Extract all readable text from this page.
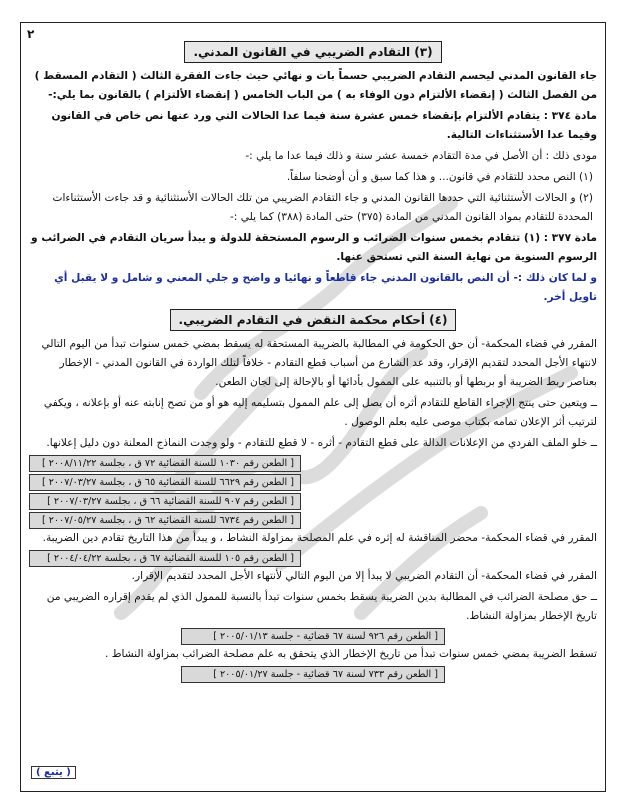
٢
(٣) التقادم الضريبي في القانون المدني.

جاء القانون المدني ليحسم التقادم الضريبي حسماً بات و نهائي حيث جاءت الفقرة الثالث ( التقادم المسقط ) من الفصل الثالث ( إنقضاء الألتزام دون الوفاء به ) من الباب الخامس ( إنقضاء الألتزام ) بالقانون بما يلي:-

مادة ٣٧٤ : يتقادم الألتزام بإنقضاء خمس عشرة سنة فيما عدا الحالات التي ورد عنها نص خاص في القانون وفيما عدا الأستثناءات التالية.

مودى ذلك : أن الأصل في مدة التقادم خمسة عشر سنة و ذلك فيما عدا ما يلي :-

(١) النص محدد للتقادم في قانون... و هذا كما سبق و أن أوضحنا سلفاً.

(٢) و الحالات الأستثنائية التي حددها القانون المدني و جاء التقادم الضريبي من تلك الحالات الأستثنائية و قد جاءت الأستثناءات المحددة للتقادم بمواد القانون المدني من المادة (٣٧٥) حتى المادة (٣٨٨) كما يلي :-

مادة ٣٧٧ : (١) تتقادم بخمس سنوات الضرائب و الرسوم المستحقة للدولة و يبدأ سريان التقادم في الضرائب و الرسوم السنوية من نهاية السنة التي تستحق عنها.

و لما كان ذلك :- أن النص بالقانون المدني جاء قاطعاً و نهائيا و واضح و جلي المعني و شامل و لا يقبل أي تاويل أخر.

(٤) أحكام محكمة النقض في التقادم الضريبي.

المقرر في قضاء المحكمة- أن حق الحكومة في المطالبة بالضريبة المستحقة له يسقط بمضي خمس سنوات تبدأ من اليوم التالي لانتهاء الأجل المحدد لتقديم الإقرار، وقد عد الشارع من أسباب قطع التقادم - خلافاً لتلك الواردة في القانون المدني - الإخطار بعناصر ربط الضريبة أو بربطها أو بالتنبيه على الممول بأدائها أو بالإحالة إلى لجان الطعن.

ــ ويتعين حتى ينتج الإجراء القاطع للتقادم أثره أن يصل إلى علم الممول بتسليمه إليه هو أو من تصح إنابته عنه أو بإعلانه ، ويكفي لترتيب أثر الإعلان تمامه بكتاب موصى عليه بعلم الوصول .

ــ خلو الملف الفردي من الإعلانات الدالة على قطع التقادم - أثره - لا قطع للتقادم - ولو وجدت النماذج المعلنة دون دليل إعلانها.

[ الطعن رقم ١٠٣٠ للسنة القضائية ٧٢ ق ، بجلسة ٢٠٠٨/١١/٢٢ ]
[ الطعن رقم ٦٦٢٩ للسنة القضائية ٦٥ ق ، بجلسة ٢٠٠٧/٠٣/٢٧ ]
[ الطعن رقم ٩٠٧ للسنة القضائية ٦٦ ق ، بجلسة ٢٠٠٧/٠٣/٢٧ ]
[ الطعن رقم ٦٧٣٤ للسنة القضائية ٦٢ ق ، بجلسة ٢٠٠٧/٠٥/٢٧ ]

المقرر في قضاء المحكمة- محضر المناقشة له إثره في علم المصلحة بمزاولة النشاط ، و يبدأ من هذا التاريخ تقادم دين الضريبة.

[ الطعن رقم ١٠٥ للسنة القضائية ٦٧ ق ، بجلسة ٢٠٠٤/٠٤/٢٢ ]

المقرر في قضاء المحكمة- أن التقادم الضريبي لا يبدأ إلا من اليوم التالي لأنتهاء الأجل المحدد لتقديم الإقرار.

ــ حق مصلحة الضرائب في المطالبة بدين الضريبة يسقط بخمس سنوات تبدأ بالنسبة للممول الذي لم يقدم إقراره الضريبي من تاريخ الإخطار بمزاولة النشاط.

[ الطعن رقم ٩٢٦ لسنة ٦٧ قضائية - جلسة ٢٠٠٥/٠١/١٣ ]

تسقط الضريبة بمضي خمس سنوات تبدأ من تاريخ الإخطار الذي يتحقق به علم مصلحة الضرائب بمزاولة النشاط .

[ الطعن رقم ٧٣٣ لسنة ٦٧ قضائية - جلسة ٢٠٠٥/٠١/٢٧ ]
( يتبع )
